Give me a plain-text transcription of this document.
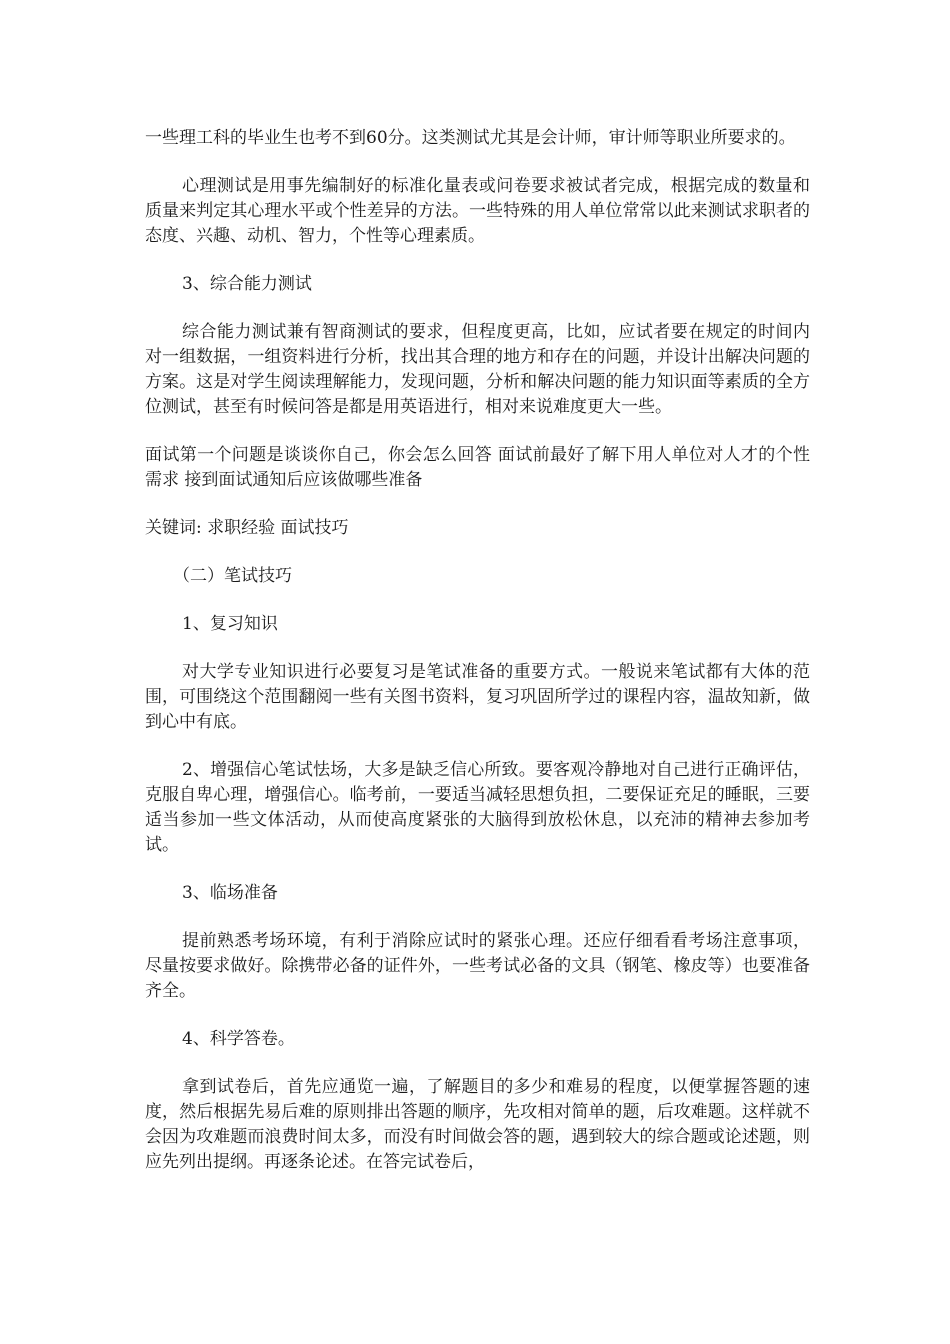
一些理工科的毕业生也考不到60分。这类测试尤其是会计师，审计师等职业所要求的。

心理测试是用事先编制好的标准化量表或问卷要求被试者完成，根据完成的数量和质量来判定其心理水平或个性差异的方法。一些特殊的用人单位常常以此来测试求职者的态度、兴趣、动机、智力，个性等心理素质。

3、综合能力测试

综合能力测试兼有智商测试的要求，但程度更高，比如，应试者要在规定的时间内对一组数据，一组资料进行分析，找出其合理的地方和存在的问题，并设计出解决问题的方案。这是对学生阅读理解能力，发现问题，分析和解决问题的能力知识面等素质的全方位测试，甚至有时候问答是都是用英语进行，相对来说难度更大一些。

面试第一个问题是谈谈你自己，你会怎么回答 面试前最好了解下用人单位对人才的个性需求 接到面试通知后应该做哪些准备

关键词: 求职经验 面试技巧

（二）笔试技巧

1、复习知识

对大学专业知识进行必要复习是笔试准备的重要方式。一般说来笔试都有大体的范围，可围绕这个范围翻阅一些有关图书资料，复习巩固所学过的课程内容，温故知新，做到心中有底。

2、增强信心笔试怯场，大多是缺乏信心所致。要客观冷静地对自己进行正确评估，克服自卑心理，增强信心。临考前，一要适当减轻思想负担，二要保证充足的睡眠，三要适当参加一些文体活动，从而使高度紧张的大脑得到放松休息，以充沛的精神去参加考试。

3、临场准备

提前熟悉考场环境，有利于消除应试时的紧张心理。还应仔细看看考场注意事项，尽量按要求做好。除携带必备的证件外，一些考试必备的文具（钢笔、橡皮等）也要准备齐全。

4、科学答卷。

拿到试卷后，首先应通览一遍，了解题目的多少和难易的程度，以便掌握答题的速度，然后根据先易后难的原则排出答题的顺序，先攻相对简单的题，后攻难题。这样就不会因为攻难题而浪费时间太多，而没有时间做会答的题，遇到较大的综合题或论述题，则应先列出提纲。再逐条论述。在答完试卷后，
